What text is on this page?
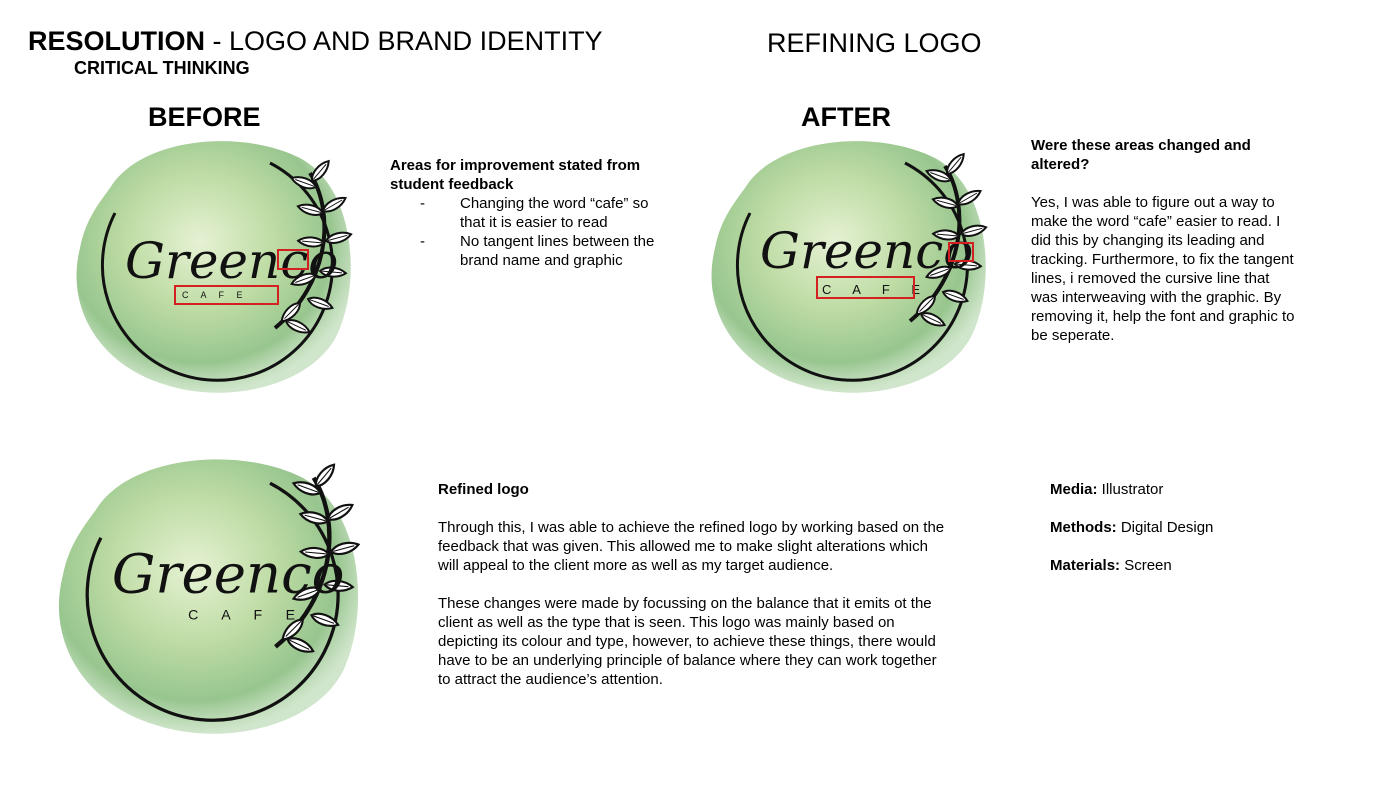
RESOLUTION - LOGO AND BRAND IDENTITY
CRITICAL THINKING
REFINING LOGO
BEFORE	AFTER
Greenco
C A F E
Greenco
C A F E
Greenco
C A F E
Areas for improvement stated from student feedback
- Changing the word “cafe” so that it is easier to read
- No tangent lines between the brand name and graphic
Were these areas changed and altered?
Yes, I was able to figure out a way to make the word “cafe” easier to read. I did this by changing its leading and tracking. Furthermore, to fix the tangent lines, i removed the cursive line that was interweaving with the graphic. By removing it, help the font and graphic to be seperate.
Refined logo

Through this, I was able to achieve the refined logo by working based on the feedback that was given. This allowed me to make slight alterations which will appeal to the client more as well as my target audience.

These changes were made by focussing on the balance that it emits ot the client as well as the type that is seen. This logo was mainly based on depicting its colour and type, however, to achieve these things, there would have to be an underlying principle of balance where they can work together to attract the audience’s attention.

Media: Illustrator
Methods: Digital Design
Materials: Screen
